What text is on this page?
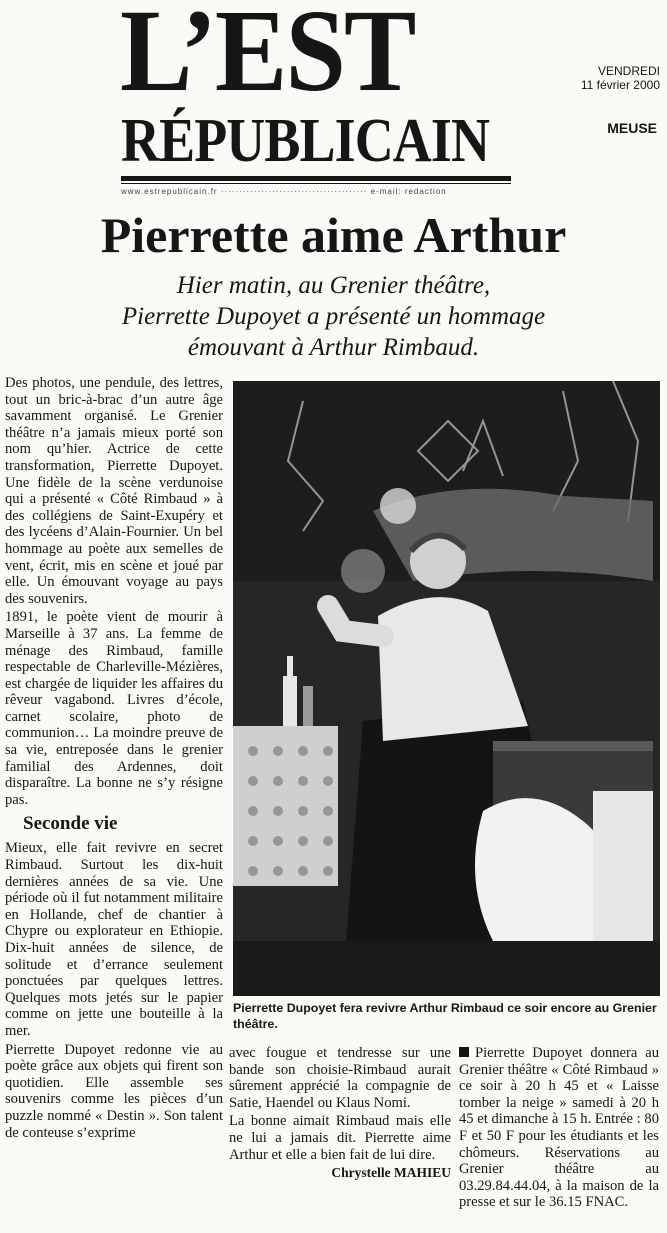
L’EST
RÉPUBLICAIN
www.estrepublicain.fr ········································ e-mail: redaction
VENDREDI
11 février 2000
MEUSE
Pierrette aime Arthur
Hier matin, au Grenier théâtre,
Pierrette Dupoyet a présenté un hommage
émouvant à Arthur Rimbaud.

Des photos, une pendule, des lettres, tout un bric-à-brac d’un autre âge savamment organisé. Le Grenier théâtre n’a jamais mieux porté son nom qu’hier. Actrice de cette transformation, Pierrette Dupoyet. Une fidèle de la scène verdunoise qui a présenté « Côté Rimbaud » à des collégiens de Saint-Exupéry et des lycéens d’Alain-Fournier. Un bel hommage au poète aux semelles de vent, écrit, mis en scène et joué par elle. Un émouvant voyage au pays des souvenirs.

1891, le poète vient de mourir à Marseille à 37 ans. La femme de ménage des Rimbaud, famille respectable de Charleville-Mézières, est chargée de liquider les affaires du rêveur vagabond. Livres d’école, carnet scolaire, photo de communion… La moindre preuve de sa vie, entreposée dans le grenier familial des Ardennes, doit disparaître. La bonne ne s’y résigne pas.

Seconde vie

Mieux, elle fait revivre en secret Rimbaud. Surtout les dix-huit dernières années de sa vie. Une période où il fut notamment militaire en Hollande, chef de chantier à Chypre ou explorateur en Ethiopie. Dix-huit années de silence, de solitude et d’errance seulement ponctuées par quelques lettres. Quelques mots jetés sur le papier comme on jette une bouteille à la mer.

Pierrette Dupoyet redonne vie au poète grâce aux objets qui firent son quotidien. Elle assemble ses souvenirs comme les pièces d’un puzzle nommé « Destin ». Son talent de conteuse s’exprime

Pierrette Dupoyet fera revivre Arthur Rimbaud ce soir encore au Grenier théâtre.

avec fougue et tendresse sur une bande son choisie-Rimbaud aurait sûrement apprécié la compagnie de Satie, Haendel ou Klaus Nomi.

La bonne aimait Rimbaud mais elle ne lui a jamais dit. Pierrette aime Arthur et elle a bien fait de lui dire.

Chrystelle MAHIEU

Pierrette Dupoyet donnera au Grenier théâtre « Côté Rimbaud » ce soir à 20 h 45 et « Laisse tomber la neige » samedi à 20 h 45 et dimanche à 15 h. Entrée : 80 F et 50 F pour les étudiants et les chômeurs. Réservations au Grenier théâtre au 03.29.84.44.04, à la maison de la presse et sur le 36.15 FNAC.
